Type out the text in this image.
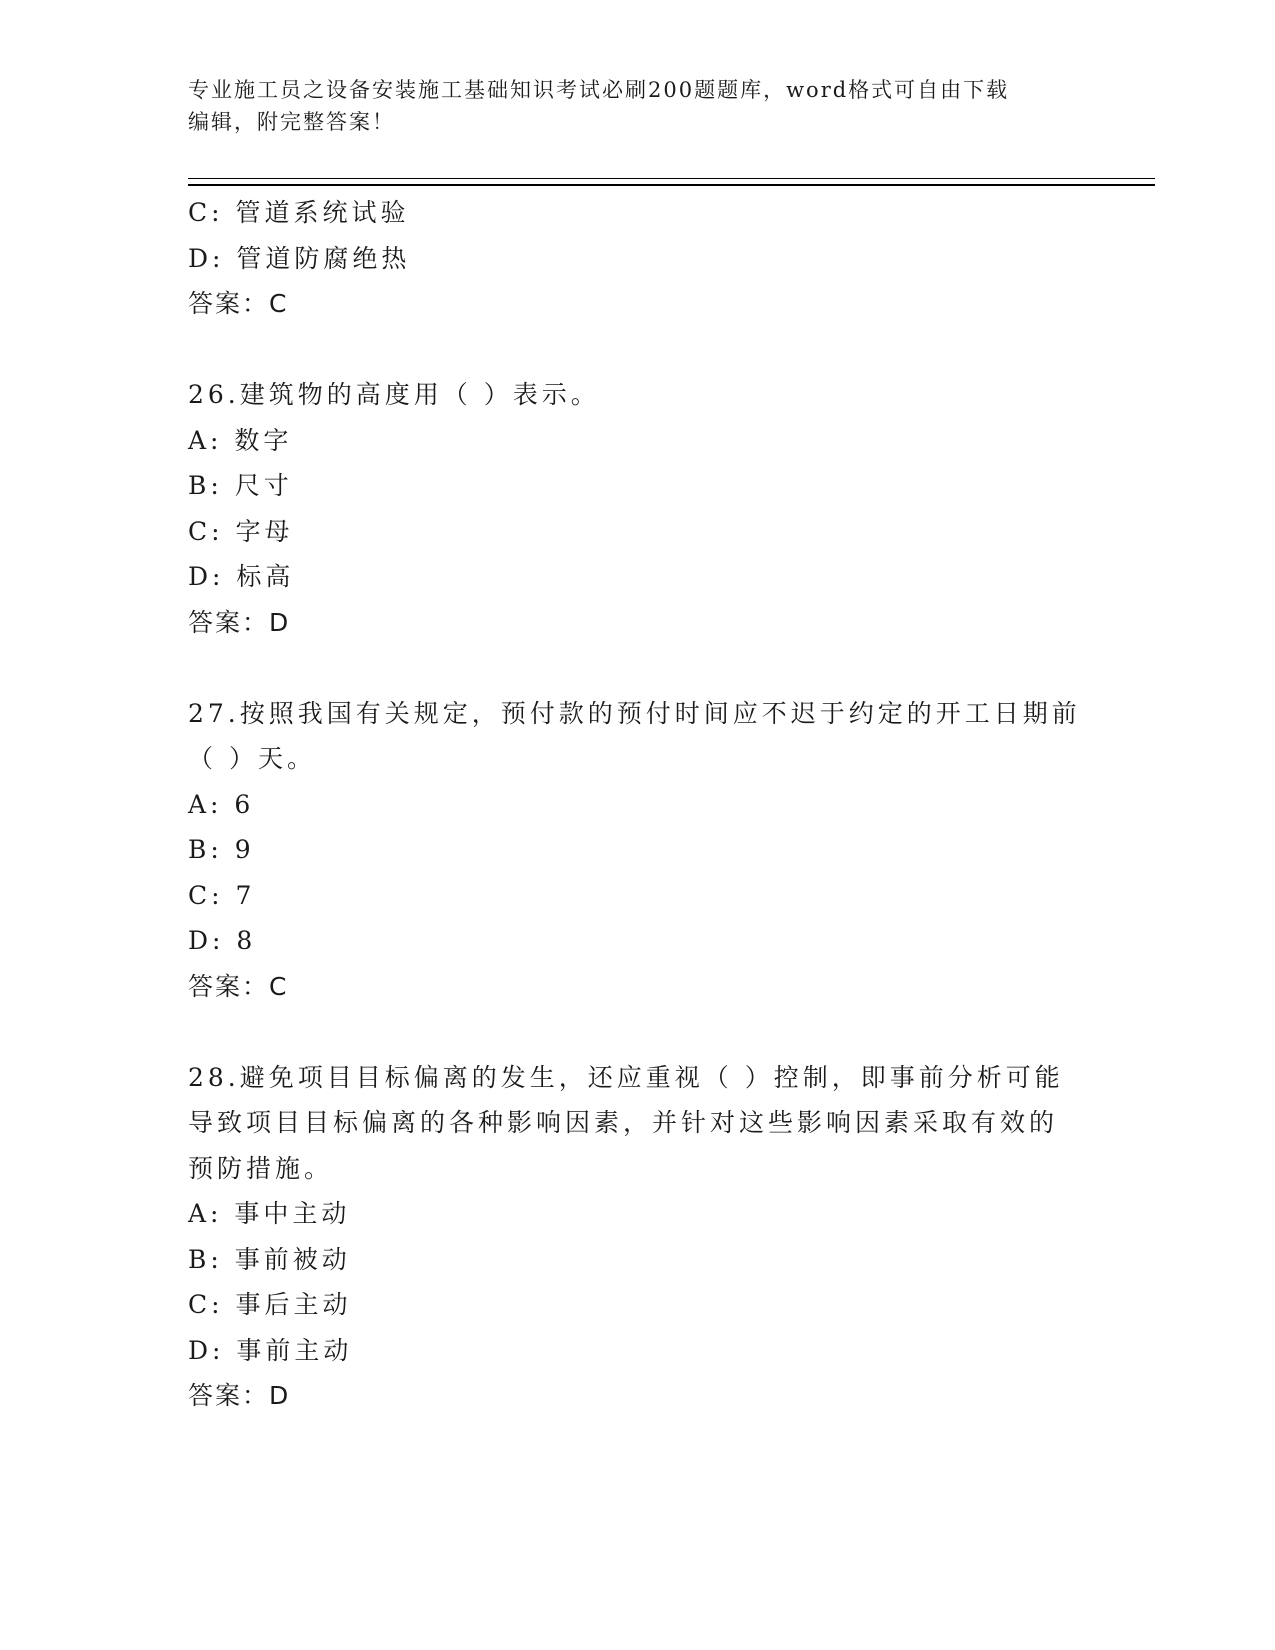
专业施工员之设备安装施工基础知识考试必刷200题题库，word格式可自由下载
编辑，附完整答案！
C: 管道系统试验
D: 管道防腐绝热
答案：C
26.建筑物的高度用（ ）表示。
A: 数字
B: 尺寸
C: 字母
D: 标高
答案：D
27.按照我国有关规定，预付款的预付时间应不迟于约定的开工日期前
（ ）天。
A: 6
B: 9
C: 7
D: 8
答案：C
28.避免项目目标偏离的发生，还应重视（ ）控制，即事前分析可能
导致项目目标偏离的各种影响因素，并针对这些影响因素采取有效的
预防措施。
A: 事中主动
B: 事前被动
C: 事后主动
D: 事前主动
答案：D
